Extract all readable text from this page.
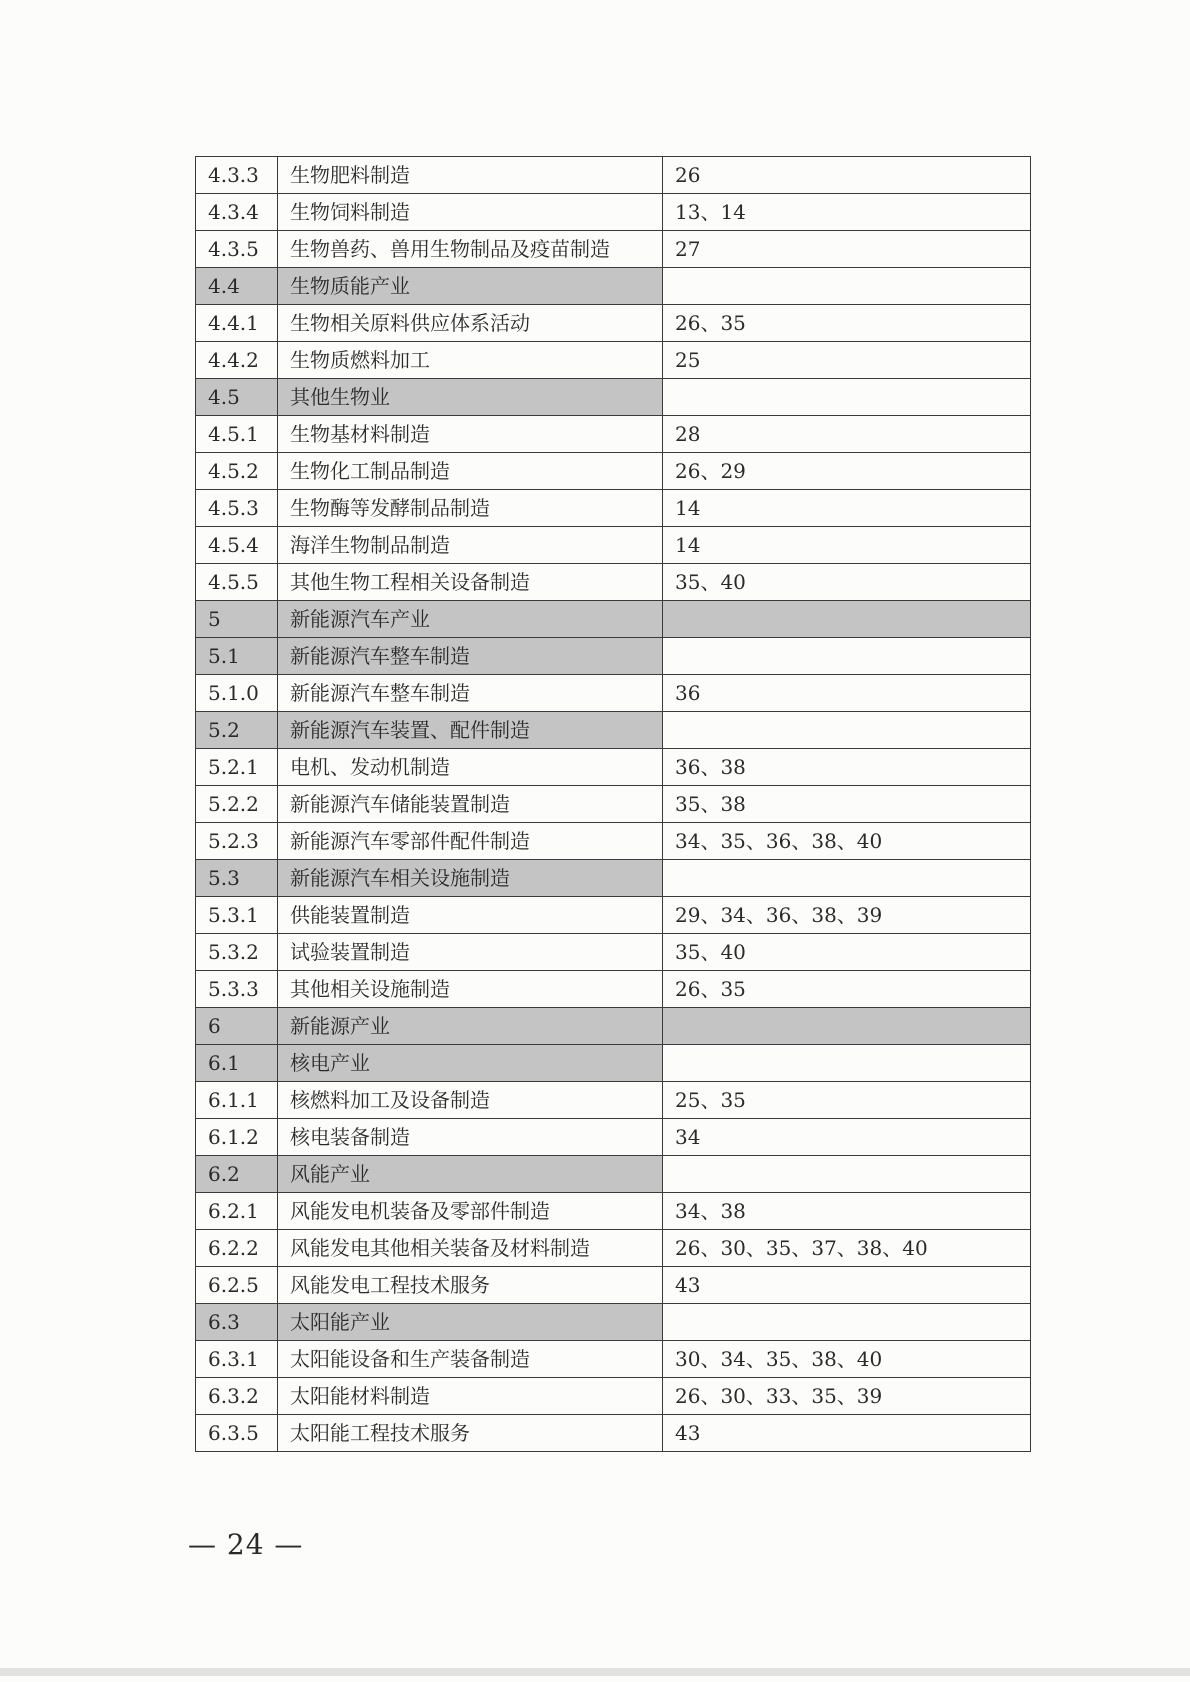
4.3.3	生物肥料制造	26
4.3.4	生物饲料制造	13、14
4.3.5	生物兽药、兽用生物制品及疫苗制造	27
4.4	生物质能产业	
4.4.1	生物相关原料供应体系活动	26、35
4.4.2	生物质燃料加工	25
4.5	其他生物业	
4.5.1	生物基材料制造	28
4.5.2	生物化工制品制造	26、29
4.5.3	生物酶等发酵制品制造	14
4.5.4	海洋生物制品制造	14
4.5.5	其他生物工程相关设备制造	35、40
5	新能源汽车产业	
5.1	新能源汽车整车制造	
5.1.0	新能源汽车整车制造	36
5.2	新能源汽车装置、配件制造	
5.2.1	电机、发动机制造	36、38
5.2.2	新能源汽车储能装置制造	35、38
5.2.3	新能源汽车零部件配件制造	34、35、36、38、40
5.3	新能源汽车相关设施制造	
5.3.1	供能装置制造	29、34、36、38、39
5.3.2	试验装置制造	35、40
5.3.3	其他相关设施制造	26、35
6	新能源产业	
6.1	核电产业	
6.1.1	核燃料加工及设备制造	25、35
6.1.2	核电装备制造	34
6.2	风能产业	
6.2.1	风能发电机装备及零部件制造	34、38
6.2.2	风能发电其他相关装备及材料制造	26、30、35、37、38、40
6.2.5	风能发电工程技术服务	43
6.3	太阳能产业	
6.3.1	太阳能设备和生产装备制造	30、34、35、38、40
6.3.2	太阳能材料制造	26、30、33、35、39
6.3.5	太阳能工程技术服务	43
— 24 —
